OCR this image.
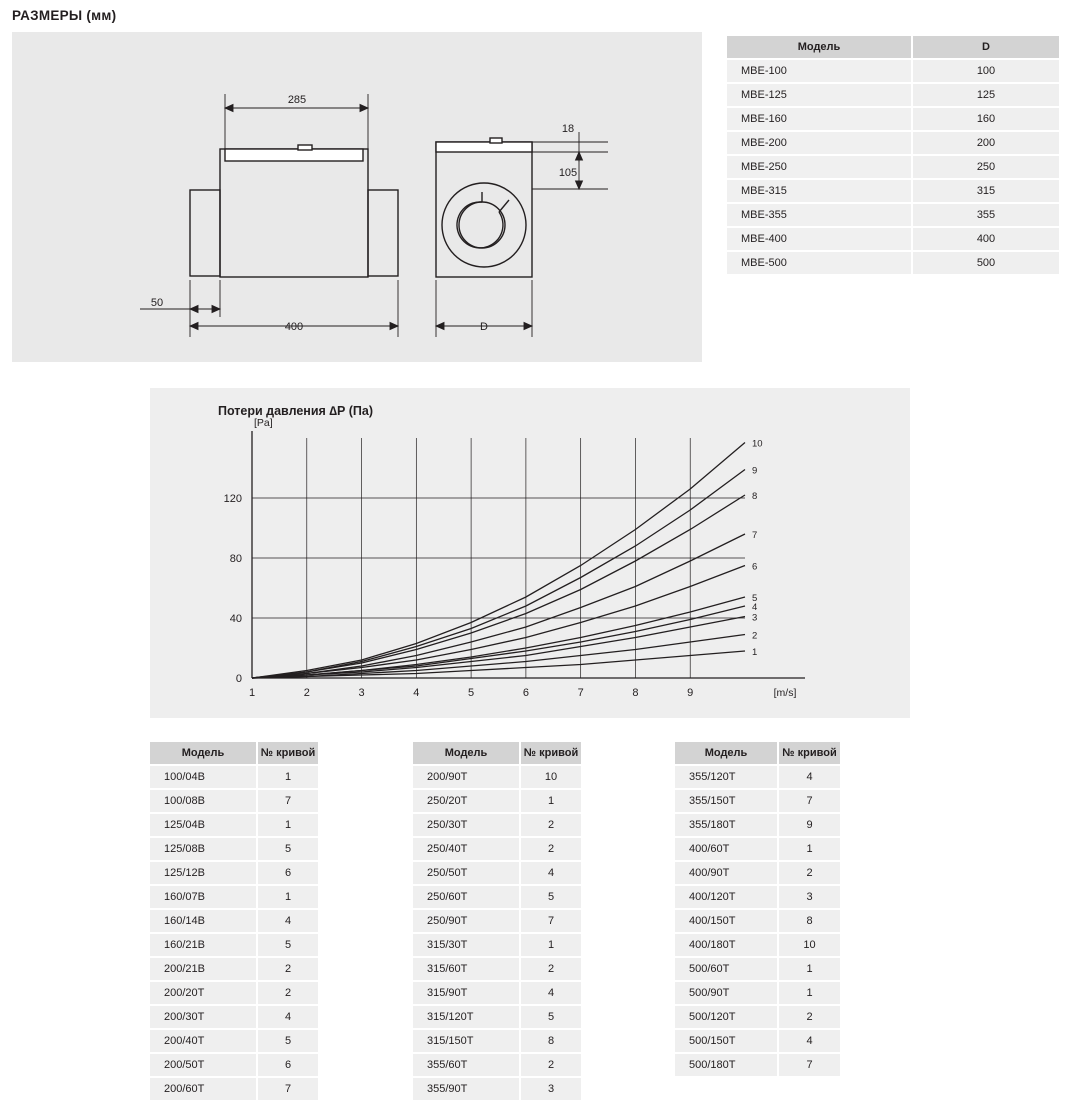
РАЗМЕРЫ (мм)
285
400
50
18
105
D
Модель	D
MBE-100	100
MBE-125	125
MBE-160	160
MBE-200	200
MBE-250	250
MBE-315	315
MBE-355	355
MBE-400	400
MBE-500	500
Потери давления ∆Р (Па)
0
40
80
120
[Pa]
1	2	3	4	5	6	7	8	9	[m/s]
1
2
3
4
5
6
7
8
9
10
Модель	№ кривой
100/04B	1
100/08B	7
125/04B	1
125/08B	5
125/12B	6
160/07B	1
160/14B	4
160/21B	5
200/21B	2
200/20T	2
200/30T	4
200/40T	5
200/50T	6
200/60T	7
Модель	№ кривой
200/90T	10
250/20T	1
250/30T	2
250/40T	2
250/50T	4
250/60T	5
250/90T	7
315/30T	1
315/60T	2
315/90T	4
315/120T	5
315/150T	8
355/60T	2
355/90T	3
Модель	№ кривой
355/120T	4
355/150T	7
355/180T	9
400/60T	1
400/90T	2
400/120T	3
400/150T	8
400/180T	10
500/60T	1
500/90T	1
500/120T	2
500/150T	4
500/180T	7
